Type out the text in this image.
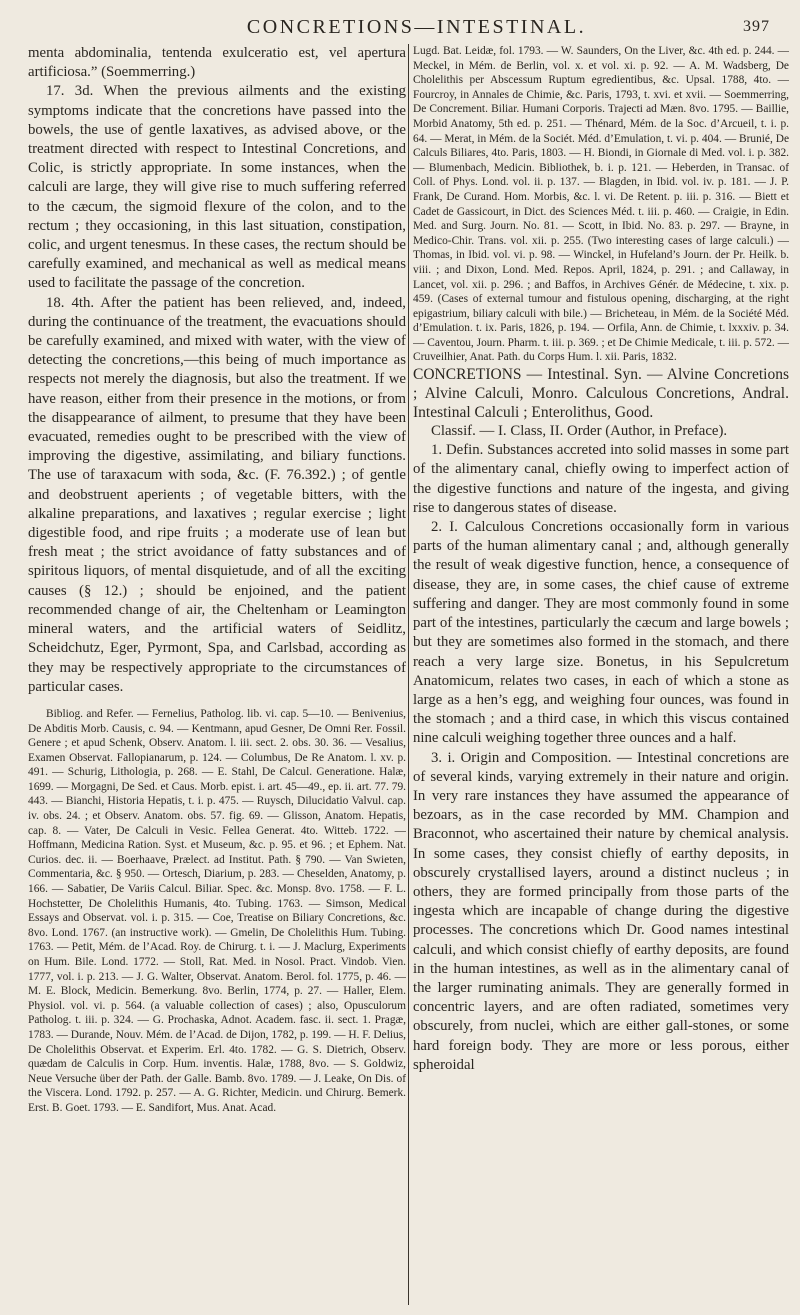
CONCRETIONS—INTESTINAL.	397

menta abdominalia, tentenda exulceratio est, vel apertura artificiosa.” (Soemmerring.)

17. 3d. When the previous ailments and the existing symptoms indicate that the concretions have passed into the bowels, the use of gentle laxatives, as advised above, or the treatment directed with respect to Intestinal Concretions, and Colic, is strictly appropriate. In some instances, when the calculi are large, they will give rise to much suffering referred to the cæcum, the sigmoid flexure of the colon, and to the rectum ; they occasioning, in this last situation, constipation, colic, and urgent tenesmus. In these cases, the rectum should be carefully examined, and mechanical as well as medical means used to facilitate the passage of the concretion.

18. 4th. After the patient has been relieved, and, indeed, during the continuance of the treatment, the evacuations should be carefully examined, and mixed with water, with the view of detecting the concretions,—this being of much importance as respects not merely the diagnosis, but also the treatment. If we have reason, either from their presence in the motions, or from the disappearance of ailment, to presume that they have been evacuated, remedies ought to be prescribed with the view of improving the digestive, assimilating, and biliary functions. The use of taraxacum with soda, &c. (F. 76.392.) ; of gentle and deobstruent aperients ; of vegetable bitters, with the alkaline preparations, and laxatives ; regular exercise ; light digestible food, and ripe fruits ; a moderate use of lean but fresh meat ; the strict avoidance of fatty substances and of spiritous liquors, of mental disquietude, and of all the exciting causes (§ 12.) ; should be enjoined, and the patient recommended change of air, the Cheltenham or Leamington mineral waters, and the artificial waters of Seidlitz, Scheidchutz, Eger, Pyrmont, Spa, and Carlsbad, according as they may be respectively appropriate to the circumstances of particular cases.

Bibliog. and Refer. — Fernelius, Patholog. lib. vi. cap. 5—10. — Benivenius, De Abditis Morb. Causis, c. 94. — Kentmann, apud Gesner, De Omni Rer. Fossil. Genere ; et apud Schenk, Observ. Anatom. l. iii. sect. 2. obs. 30. 36. — Vesalius, Examen Observat. Fallopianarum, p. 124. — Columbus, De Re Anatom. l. xv. p. 491. — Schurig, Lithologia, p. 268. — E. Stahl, De Calcul. Generatione. Halæ, 1699. — Morgagni, De Sed. et Caus. Morb. epist. i. art. 45—49., ep. ii. art. 77. 79. 443. — Bianchi, Historia Hepatis, t. i. p. 475. — Ruysch, Dilucidatio Valvul. cap. iv. obs. 24. ; et Observ. Anatom. obs. 57. fig. 69. — Glisson, Anatom. Hepatis, cap. 8. — Vater, De Calculi in Vesic. Fellea Generat. 4to. Witteb. 1722. — Hoffmann, Medicina Ration. Syst. et Museum, &c. p. 95. et 96. ; et Ephem. Nat. Curios. dec. ii. — Boerhaave, Prælect. ad Institut. Path. § 790. — Van Swieten, Commentaria, &c. § 950. — Ortesch, Diarium, p. 283. — Cheselden, Anatomy, p. 166. — Sabatier, De Variis Calcul. Biliar. Spec. &c. Monsp. 8vo. 1758. — F. L. Hochstetter, De Cholelithis Humanis, 4to. Tubing. 1763. — Simson, Medical Essays and Observat. vol. i. p. 315. — Coe, Treatise on Biliary Concretions, &c. 8vo. Lond. 1767. (an instructive work). — Gmelin, De Cholelithis Hum. Tubing. 1763. — Petit, Mém. de l’Acad. Roy. de Chirurg. t. i. — J. Maclurg, Experiments on Hum. Bile. Lond. 1772. — Stoll, Rat. Med. in Nosol. Pract. Vindob. Vien. 1777, vol. i. p. 213. — J. G. Walter, Observat. Anatom. Berol. fol. 1775, p. 46. — M. E. Block, Medicin. Bemerkung. 8vo. Berlin, 1774, p. 27. — Haller, Elem. Physiol. vol. vi. p. 564. (a valuable collection of cases) ; also, Opusculorum Patholog. t. iii. p. 324. — G. Prochaska, Adnot. Academ. fasc. ii. sect. 1. Pragæ, 1783. — Durande, Nouv. Mém. de l’Acad. de Dijon, 1782, p. 199. — H. F. Delius, De Cholelithis Observat. et Experim. Erl. 4to. 1782. — G. S. Dietrich, Observ. quædam de Calculis in Corp. Hum. inventis. Halæ, 1788, 8vo. — S. Goldwiz, Neue Versuche über der Path. der Galle. Bamb. 8vo. 1789. — J. Leake, On Dis. of the Viscera. Lond. 1792. p. 257. — A. G. Richter, Medicin. und Chirurg. Bemerk. Erst. B. Goet. 1793. — E. Sandifort, Mus. Anat. Acad.

Lugd. Bat. Leidæ, fol. 1793. — W. Saunders, On the Liver, &c. 4th ed. p. 244. — Meckel, in Mém. de Berlin, vol. x. et vol. xi. p. 92. — A. M. Wadsberg, De Cholelithis per Abscessum Ruptum egredientibus, &c. Upsal. 1788, 4to. — Fourcroy, in Annales de Chimie, &c. Paris, 1793, t. xvi. et xvii. — Soemmerring, De Concrement. Biliar. Humani Corporis. Trajecti ad Mæn. 8vo. 1795. — Baillie, Morbid Anatomy, 5th ed. p. 251. — Thénard, Mém. de la Soc. d’Arcueil, t. i. p. 64. — Merat, in Mém. de la Sociét. Méd. d’Emulation, t. vi. p. 404. — Brunié, De Calculs Biliares, 4to. Paris, 1803. — H. Biondi, in Giornale di Med. vol. i. p. 382. — Blumenbach, Medicin. Bibliothek, b. i. p. 121. — Heberden, in Transac. of Coll. of Phys. Lond. vol. ii. p. 137. — Blagden, in Ibid. vol. iv. p. 181. — J. P. Frank, De Curand. Hom. Morbis, &c. l. vi. De Retent. p. iii. p. 316. — Biett et Cadet de Gassicourt, in Dict. des Sciences Méd. t. iii. p. 460. — Craigie, in Edin. Med. and Surg. Journ. No. 81. — Scott, in Ibid. No. 83. p. 297. — Brayne, in Medico-Chir. Trans. vol. xii. p. 255. (Two interesting cases of large calculi.) — Thomas, in Ibid. vol. vi. p. 98. — Winckel, in Hufeland’s Journ. der Pr. Heilk. b. viii. ; and Dixon, Lond. Med. Repos. April, 1824, p. 291. ; and Callaway, in Lancet, vol. xii. p. 296. ; and Baffos, in Archives Génér. de Médecine, t. xix. p. 459. (Cases of external tumour and fistulous opening, discharging, at the right epigastrium, biliary calculi with bile.) — Bricheteau, in Mém. de la Société Méd. d’Emulation. t. ix. Paris, 1826, p. 194. — Orfila, Ann. de Chimie, t. lxxxiv. p. 34. — Caventou, Journ. Pharm. t. iii. p. 369. ; et De Chimie Medicale, t. iii. p. 572. — Cruveilhier, Anat. Path. du Corps Hum. l. xii. Paris, 1832.

CONCRETIONS — Intestinal. Syn. — Alvine Concretions ; Alvine Calculi, Monro. Calculous Concretions, Andral. Intestinal Calculi ; Enterolithus, Good.

Classif. — I. Class, II. Order (Author, in Preface).

1. Defin. Substances accreted into solid masses in some part of the alimentary canal, chiefly owing to imperfect action of the digestive functions and nature of the ingesta, and giving rise to dangerous states of disease.

2. I. Calculous Concretions occasionally form in various parts of the human alimentary canal ; and, although generally the result of weak digestive function, hence, a consequence of disease, they are, in some cases, the chief cause of extreme suffering and danger. They are most commonly found in some part of the intestines, particularly the cæcum and large bowels ; but they are sometimes also formed in the stomach, and there reach a very large size. Bonetus, in his Sepulcretum Anatomicum, relates two cases, in each of which a stone as large as a hen’s egg, and weighing four ounces, was found in the stomach ; and a third case, in which this viscus contained nine calculi weighing together three ounces and a half.

3. i. Origin and Composition. — Intestinal concretions are of several kinds, varying extremely in their nature and origin. In very rare instances they have assumed the appearance of bezoars, as in the case recorded by MM. Champion and Braconnot, who ascertained their nature by chemical analysis. In some cases, they consist chiefly of earthy deposits, in obscurely crystallised layers, around a distinct nucleus ; in others, they are formed principally from those parts of the ingesta which are incapable of change during the digestive processes. The concretions which Dr. Good names intestinal calculi, and which consist chiefly of earthy deposits, are found in the human intestines, as well as in the alimentary canal of the larger ruminating animals. They are generally formed in concentric layers, and are often radiated, sometimes very obscurely, from nuclei, which are either gall-stones, or some hard foreign body. They are more or less porous, either spheroidal
